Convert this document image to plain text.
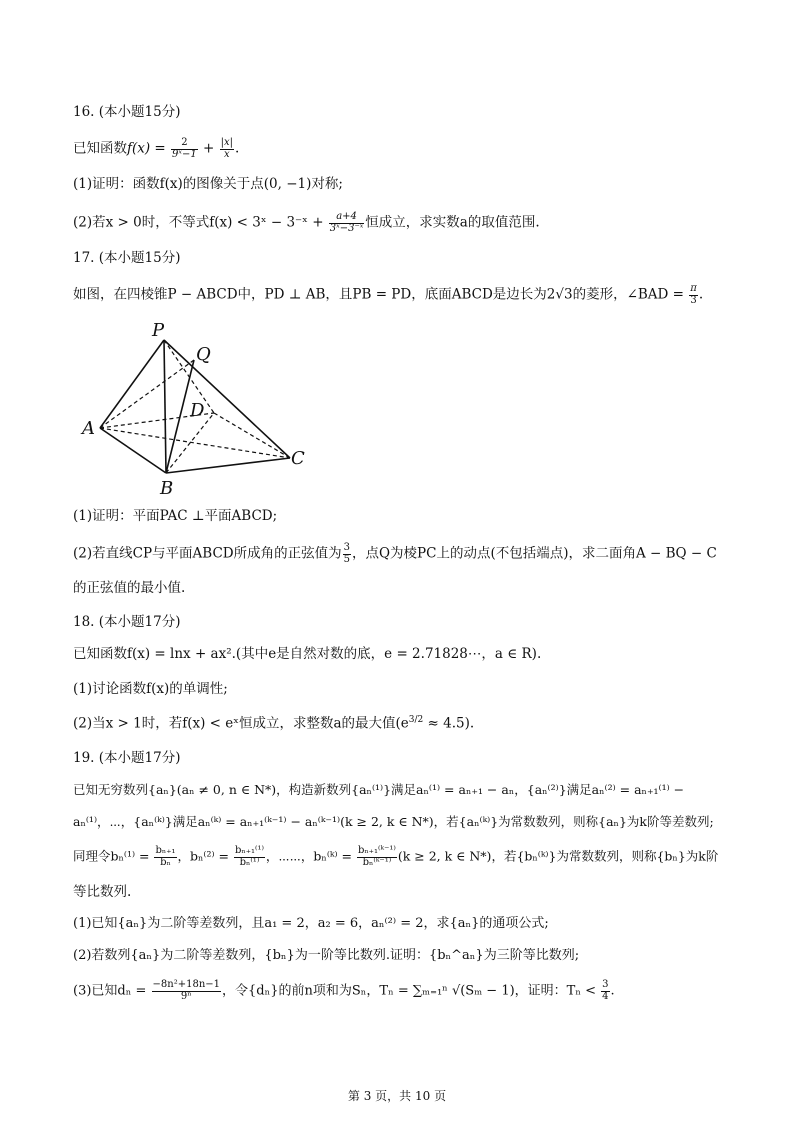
16. (本小题15分)
已知函数$f(x) = \frac{2}{\text{9ˣ−1}} + \frac{|x|}{x}$ .
(1)证明：函数f(x)的图像关于点(0, −1)对称;
(2)若x > 0时，不等式f(x) < 3ˣ − 3⁻ˣ + $\frac{a+4}{\text{3ˣ−3⁻ˣ}}$ 恒成立，求实数a的取值范围.
17. (本小题15分)
如图，在四棱锥P − ABCD中，PD ⊥ AB，且PB = PD，底面ABCD是边长为2√3的菱形，∠BAD = $\frac{\pi}{3}$ .
P
Q
D
A
B
C
(1)证明：平面PAC ⊥平面ABCD;
(2)若直线CP与平面ABCD所成角的正弦值为 $\frac{3}{5}$ ，点Q为棱PC上的动点(不包括端点)，求二面角A − BQ − C
的正弦值的最小值.
18. (本小题17分)
已知函数f(x) = lnx + ax².(其中e是自然对数的底，e = 2.71828⋯，a ∈ R).
(1)讨论函数f(x)的单调性;
(2)当x > 1时，若f(x) < eˣ恒成立，求整数a的最大值$(e^{3/2} \approx 4.5)$.
19. (本小题17分)
已知无穷数列{aₙ}(aₙ ≠ 0, n ∈ N*)，构造新数列{aₙ⁽¹⁾}满足aₙ⁽¹⁾ = aₙ₊₁ − aₙ，{aₙ⁽²⁾}满足aₙ⁽²⁾ = aₙ₊₁⁽¹⁾ −
aₙ⁽¹⁾，⋯，{aₙ⁽ᵏ⁾}满足aₙ⁽ᵏ⁾ = aₙ₊₁⁽ᵏ⁻¹⁾ − aₙ⁽ᵏ⁻¹⁾(k ≥ 2, k ∈ N*)，若{aₙ⁽ᵏ⁾}为常数数列，则称{aₙ}为k阶等差数列;
同理令$b_n^{(1)} = \frac{\text{bₙ₊₁}}{\text{bₙ}}$ ，$b_n^{(2)} = \frac{\text{bₙ₊₁⁽¹⁾}}{\text{bₙ⁽¹⁾}}$ ，⋯⋯，bₙ⁽ᵏ⁾ = $\frac{\text{bₙ₊₁⁽ᵏ⁻¹⁾}}{\text{bₙ⁽ᵏ⁻¹⁾}} (k \ge 2$, k ∈ N*)，若{bₙ⁽ᵏ⁾}为常数数列，则称{bₙ}为k阶
等比数列.
(1)已知{aₙ}为二阶等差数列，且a₁ = 2，a₂ = 6，aₙ⁽²⁾ = 2，求{aₙ}的通项公式;
(2)若数列{aₙ}为二阶等差数列，{bₙ}为一阶等比数列.证明：{bₙ^aₙ}为三阶等比数列;
(3)已知$d_n = \frac{\text{−8n²+18n−1}}{\text{9ⁿ}}$ ，令{dₙ}的前n项和为Sₙ，Tₙ = ∑ₘ₌₁ⁿ √(Sₘ − 1)，证明：$T_n < \frac{3}{4}$ .
第 3 页，共 10 页
